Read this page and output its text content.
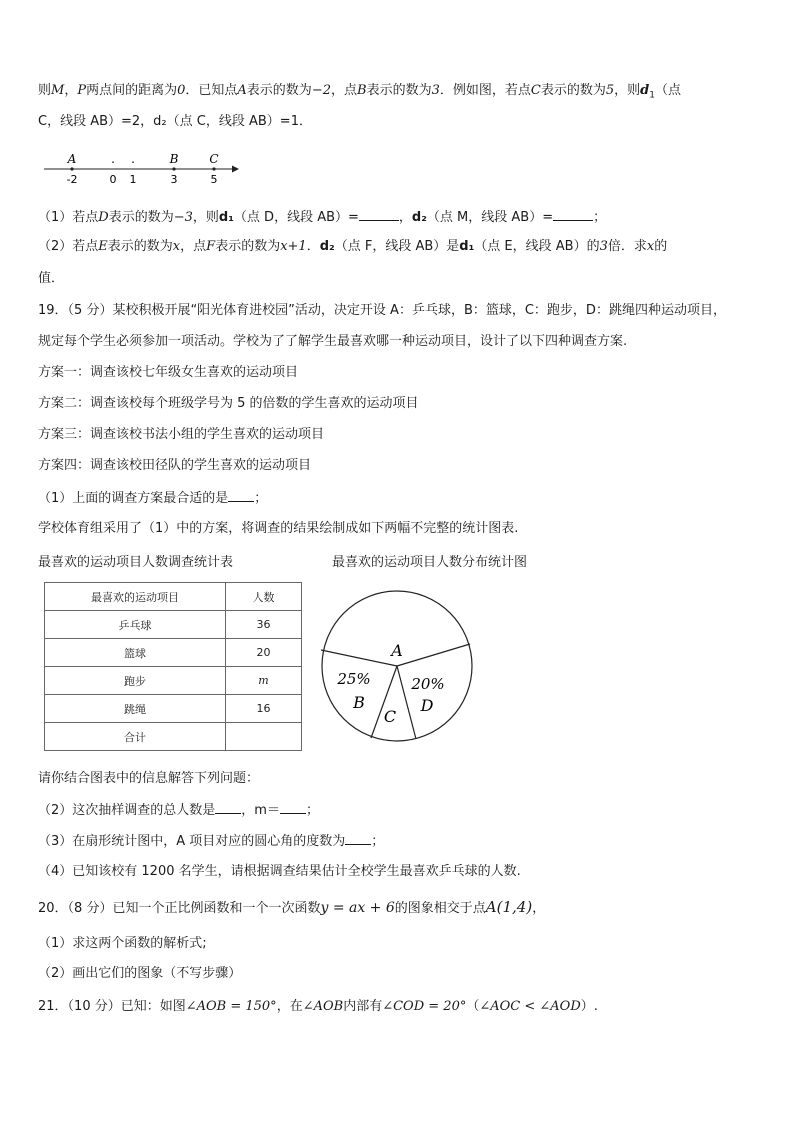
则M，P两点间的距离为0．已知点A表示的数为−2，点B表示的数为3．例如图，若点C表示的数为5，则$d_1$（点
C，线段 AB）=2，d₂（点 C，线段 AB）=1．
A	. .	B	C
-2	0 1	3	5
（1）若点D表示的数为−3，则d₁（点 D，线段 AB）=	，d₂（点 M，线段 AB）=	；
（2）若点E表示的数为x，点F表示的数为x+1．d₂（点 F，线段 AB）是d₁（点 E，线段 AB）的3倍．求x的
值．
19．（5 分）某校积极开展“阳光体育进校园”活动，决定开设 A：乒乓球，B：篮球，C：跑步，D：跳绳四种运动项目，
规定每个学生必须参加一项活动。学校为了了解学生最喜欢哪一种运动项目，设计了以下四种调查方案.
方案一：调查该校七年级女生喜欢的运动项目
方案二：调查该校每个班级学号为 5 的倍数的学生喜欢的运动项目
方案三：调查该校书法小组的学生喜欢的运动项目
方案四：调查该校田径队的学生喜欢的运动项目
（1）上面的调查方案最合适的是 ；
学校体育组采用了（1）中的方案，将调查的结果绘制成如下两幅不完整的统计图表.
最喜欢的运动项目人数调查统计表	最喜欢的运动项目人数分布统计图
最喜欢的运动项目	人数
乒乓球	36
篮球	20
跑步	m
跳绳	16
合计	
A
25%
B
C
20%
D
请你结合图表中的信息解答下列问题：
（2）这次抽样调查的总人数是 ，m＝ ；
（3）在扇形统计图中，A 项目对应的圆心角的度数为 ；
（4）已知该校有 1200 名学生，请根据调查结果估计全校学生最喜欢乒乓球的人数.
20．（8 分）已知一个正比例函数和一个一次函数y = ax + 6的图象相交于点A(1,4)，
（1）求这两个函数的解析式;
（2）画出它们的图象（不写步骤）
21．（10 分）已知：如图∠AOB = 150°，在∠AOB内部有∠COD = 20°（∠AOC < ∠AOD）.
